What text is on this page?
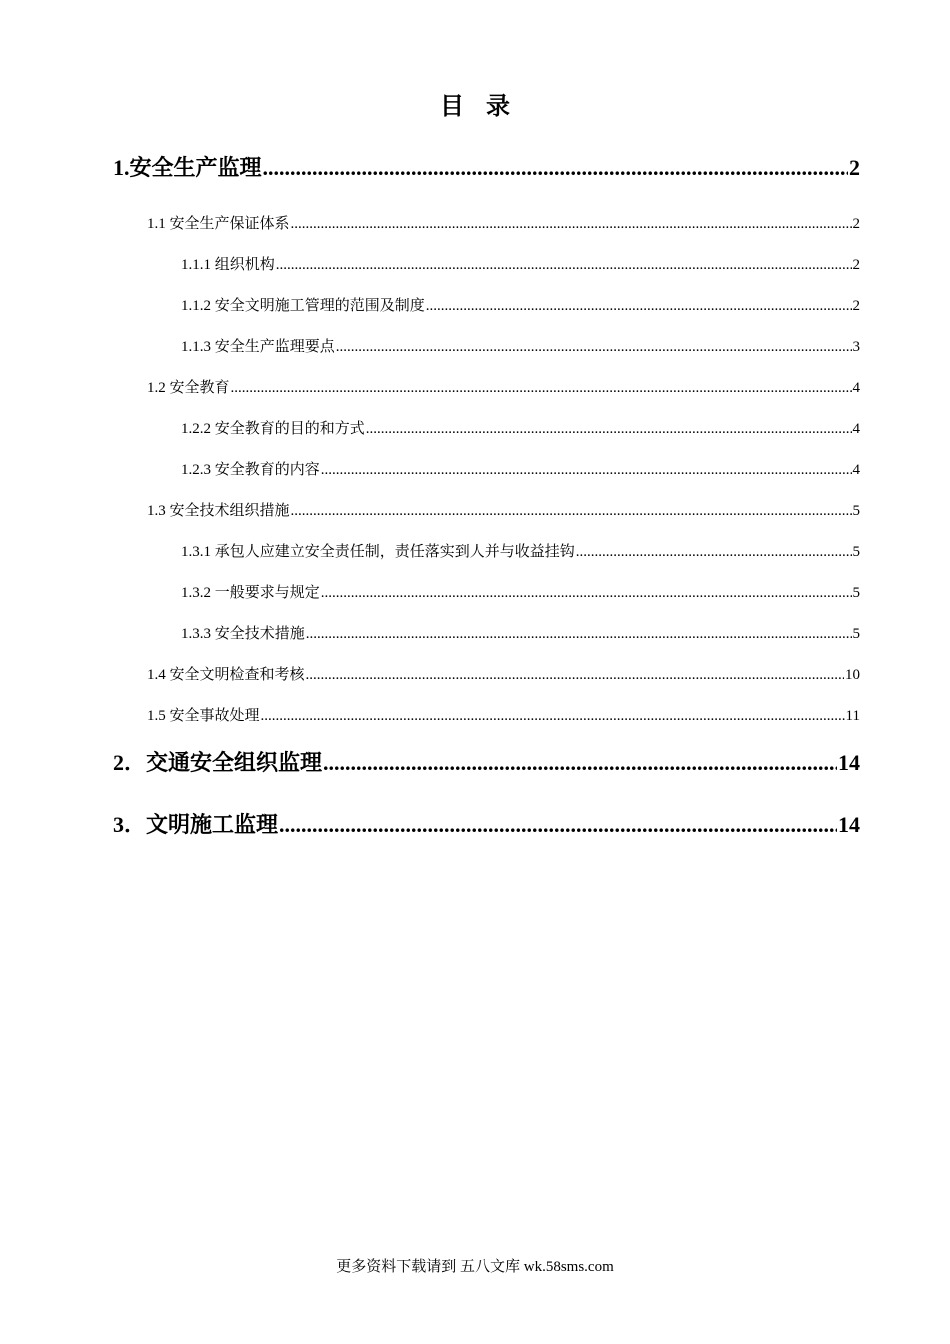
目录
1.安全生产监理 .....	2
1.1 安全生产保证体系 .....	2
1.1.1 组织机构 .....	2
1.1.2 安全文明施工管理的范围及制度 .....	2
1.1.3 安全生产监理要点 .....	3
1.2 安全教育 .....	4
1.2.2 安全教育的目的和方式 .....	4
1.2.3 安全教育的内容 .....	4
1.3 安全技术组织措施 .....	5
1.3.1 承包人应建立安全责任制，责任落实到人并与收益挂钩 .....	5
1.3.2 一般要求与规定 .....	5
1.3.3 安全技术措施 .....	5
1.4 安全文明检查和考核 .....	10
1.5 安全事故处理 .....	11
2．交通安全组织监理 .....	14
3．文明施工监理 .....	14
更多资料下载请到 五八文库 wk.58sms.com
